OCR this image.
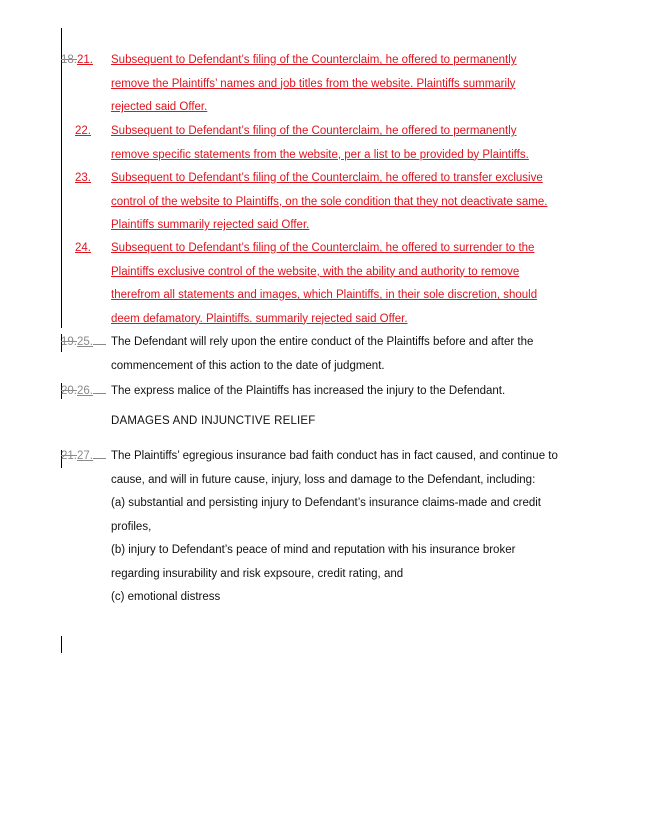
18.21. Subsequent to Defendant’s filing of the Counterclaim, he offered to permanently
remove the Plaintiffs’ names and job titles from the website. Plaintiffs summarily
rejected said Offer.
22. Subsequent to Defendant’s filing of the Counterclaim, he offered to permanently
remove specific statements from the website, per a list to be provided by Plaintiffs.
23. Subsequent to Defendant’s filing of the Counterclaim, he offered to transfer exclusive
control of the website to Plaintiffs, on the sole condition that they not deactivate same.
Plaintiffs summarily rejected said Offer.
24. Subsequent to Defendant’s filing of the Counterclaim, he offered to surrender to the
Plaintiffs exclusive control of the website, with the ability and authority to remove
therefrom all statements and images, which Plaintiffs, in their sole discretion, should
deem defamatory. Plaintiffs. summarily rejected said Offer.
19.25.	The Defendant will rely upon the entire conduct of the Plaintiffs before and after the
commencement of this action to the date of judgment.
20.26.	The express malice of the Plaintiffs has increased the injury to the Defendant.
DAMAGES AND INJUNCTIVE RELIEF
21.27.	The Plaintiffs’ egregious insurance bad faith conduct has in fact caused, and continue to
cause, and will in future cause, injury, loss and damage to the Defendant, including:
(a) substantial and persisting injury to Defendant’s insurance claims-made and credit
profiles,
(b) injury to Defendant’s peace of mind and reputation with his insurance broker
regarding insurability and risk expsoure, credit rating, and
(c) emotional distress
